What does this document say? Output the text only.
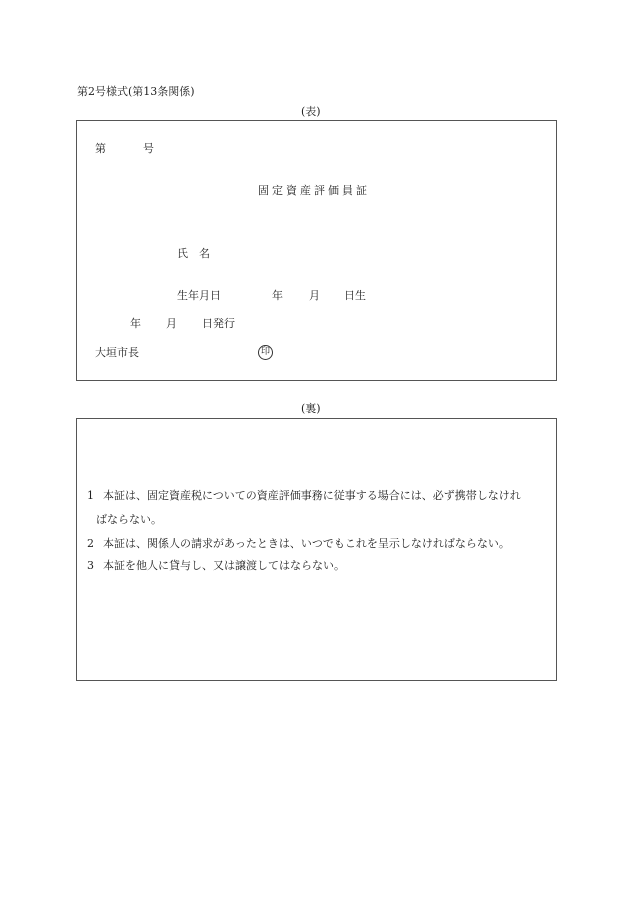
第2号様式(第13条関係)
(表)
第	号
固定資産評価員証
氏　名
生年月日	年 月 日生
年 月 日発行
大垣市長	印
(裏)
1 本証は、固定資産税についての資産評価事務に従事する場合には、必ず携帯しなけれ
ばならない。
2 本証は、関係人の請求があったときは、いつでもこれを呈示しなければならない。
3 本証を他人に貸与し、又は譲渡してはならない。
